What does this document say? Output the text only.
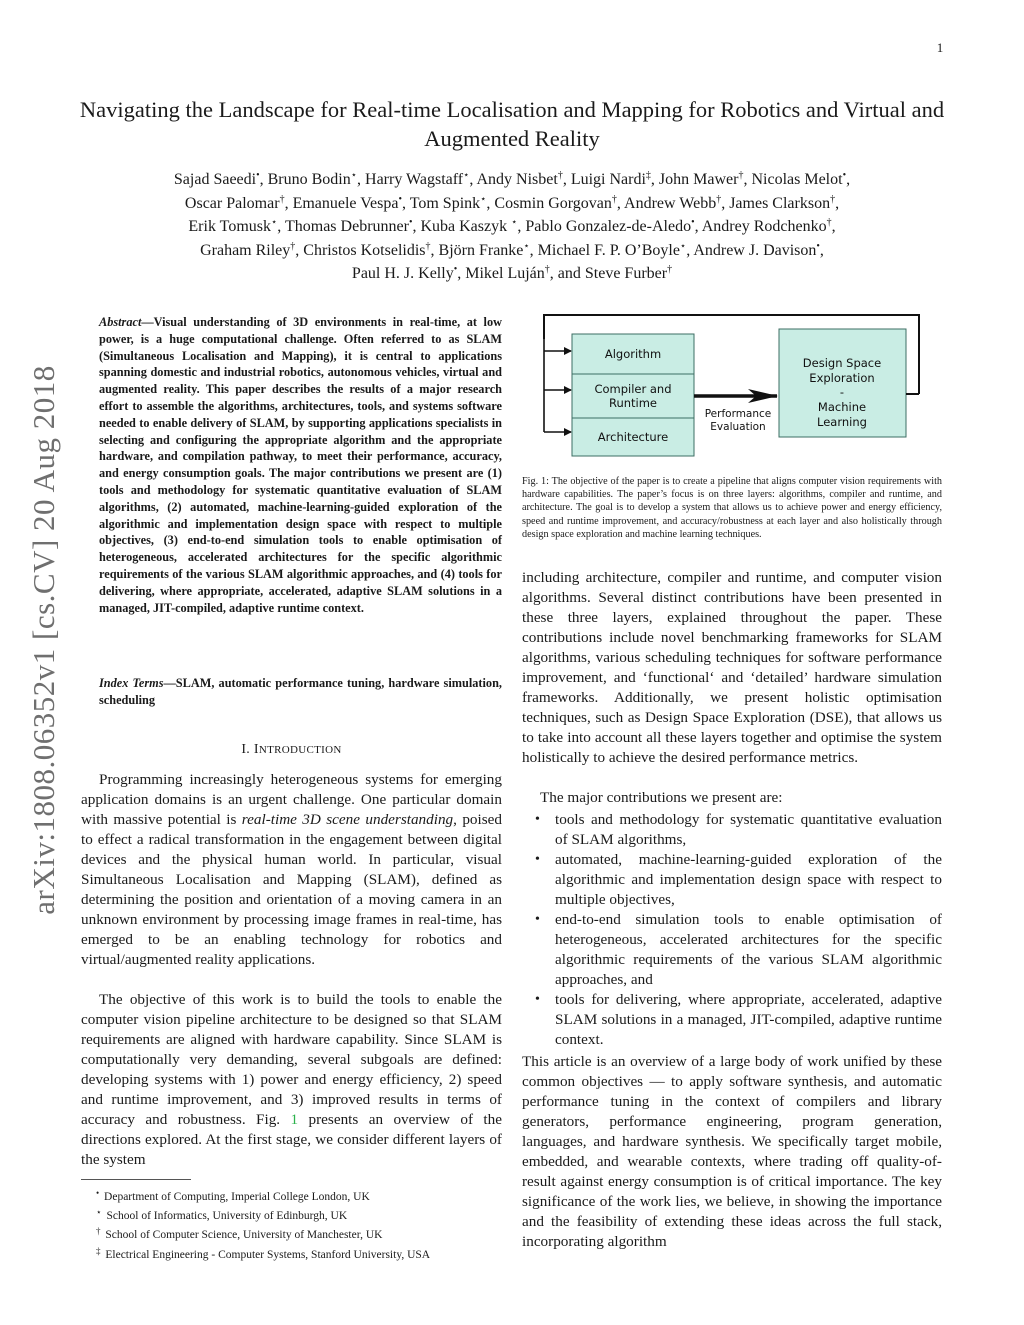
1
arXiv:1808.06352v1 [cs.CV] 20 Aug 2018
Navigating the Landscape for Real-time Localisation and Mapping for Robotics and Virtual and Augmented Reality
Sajad Saeedi•, Bruno Bodin⋆, Harry Wagstaff⋆, Andy Nisbet†, Luigi Nardi‡, John Mawer†, Nicolas Melot•,
Oscar Palomar†, Emanuele Vespa•, Tom Spink⋆, Cosmin Gorgovan†, Andrew Webb†, James Clarkson†,
Erik Tomusk⋆, Thomas Debrunner•, Kuba Kaszyk ⋆, Pablo Gonzalez-de-Aledo•, Andrey Rodchenko†,
Graham Riley†, Christos Kotselidis†, Björn Franke⋆, Michael F. P. O’Boyle⋆, Andrew J. Davison•,
Paul H. J. Kelly•, Mikel Luján†, and Steve Furber†
Abstract—Visual understanding of 3D environments in real-time, at low power, is a huge computational challenge. Often referred to as SLAM (Simultaneous Localisation and Mapping), it is central to applications spanning domestic and industrial robotics, autonomous vehicles, virtual and augmented reality. This paper describes the results of a major research effort to assemble the algorithms, architectures, tools, and systems software needed to enable delivery of SLAM, by supporting applications specialists in selecting and configuring the appropriate algorithm and the appropriate hardware, and compilation pathway, to meet their performance, accuracy, and energy consumption goals. The major contributions we present are (1) tools and methodology for systematic quantitative evaluation of SLAM algorithms, (2) automated, machine-learning-guided exploration of the algorithmic and implementation design space with respect to multiple objectives, (3) end-to-end simulation tools to enable optimisation of heterogeneous, accelerated architectures for the specific algorithmic requirements of the various SLAM algorithmic approaches, and (4) tools for delivering, where appropriate, accelerated, adaptive SLAM solutions in a managed, JIT-compiled, adaptive runtime context.
Index Terms—SLAM, automatic performance tuning, hardware simulation, scheduling
I. INTRODUCTION

Programming increasingly heterogeneous systems for emerging application domains is an urgent challenge. One particular domain with massive potential is real-time 3D scene understanding, poised to effect a radical transformation in the engagement between digital devices and the physical human world. In particular, visual Simultaneous Localisation and Mapping (SLAM), defined as determining the position and orientation of a moving camera in an unknown environment by processing image frames in real-time, has emerged to be an enabling technology for robotics and virtual/augmented reality applications.

The objective of this work is to build the tools to enable the computer vision pipeline architecture to be designed so that SLAM requirements are aligned with hardware capability. Since SLAM is computationally very demanding, several subgoals are defined: developing systems with 1) power and energy efficiency, 2) speed and runtime improvement, and 3) improved results in terms of accuracy and robustness. Fig. 1 presents an overview of the directions explored. At the first stage, we consider different layers of the system

• Department of Computing, Imperial College London, UK
⋆ School of Informatics, University of Edinburgh, UK
† School of Computer Science, University of Manchester, UK
‡ Electrical Engineering - Computer Systems, Stanford University, USA
Algorithm
Compiler and
Runtime
Architecture
Performance
Evaluation
Design Space
Exploration
-
Machine
Learning
Fig. 1: The objective of the paper is to create a pipeline that aligns computer vision requirements with hardware capabilities. The paper’s focus is on three layers: algorithms, compiler and runtime, and architecture. The goal is to develop a system that allows us to achieve power and energy efficiency, speed and runtime improvement, and accuracy/robustness at each layer and also holistically through design space exploration and machine learning techniques.

including architecture, compiler and runtime, and computer vision algorithms. Several distinct contributions have been presented in these three layers, explained throughout the paper. These contributions include novel benchmarking frameworks for SLAM algorithms, various scheduling techniques for software performance improvement, and ‘functional‘ and ‘detailed’ hardware simulation frameworks. Additionally, we present holistic optimisation techniques, such as Design Space Exploration (DSE), that allows us to take into account all these layers together and optimise the system holistically to achieve the desired performance metrics.

The major contributions we present are:

• tools and methodology for systematic quantitative evaluation of SLAM algorithms,
• automated, machine-learning-guided exploration of the algorithmic and implementation design space with respect to multiple objectives,
• end-to-end simulation tools to enable optimisation of heterogeneous, accelerated architectures for the specific algorithmic requirements of the various SLAM algorithmic approaches, and
• tools for delivering, where appropriate, accelerated, adaptive SLAM solutions in a managed, JIT-compiled, adaptive runtime context.

This article is an overview of a large body of work unified by these common objectives — to apply software synthesis, and automatic performance tuning in the context of compilers and library generators, performance engineering, program generation, languages, and hardware synthesis. We specifically target mobile, embedded, and wearable contexts, where trading off quality-of-result against energy consumption is of critical importance. The key significance of the work lies, we believe, in showing the importance and the feasibility of extending these ideas across the full stack, incorporating algorithm
